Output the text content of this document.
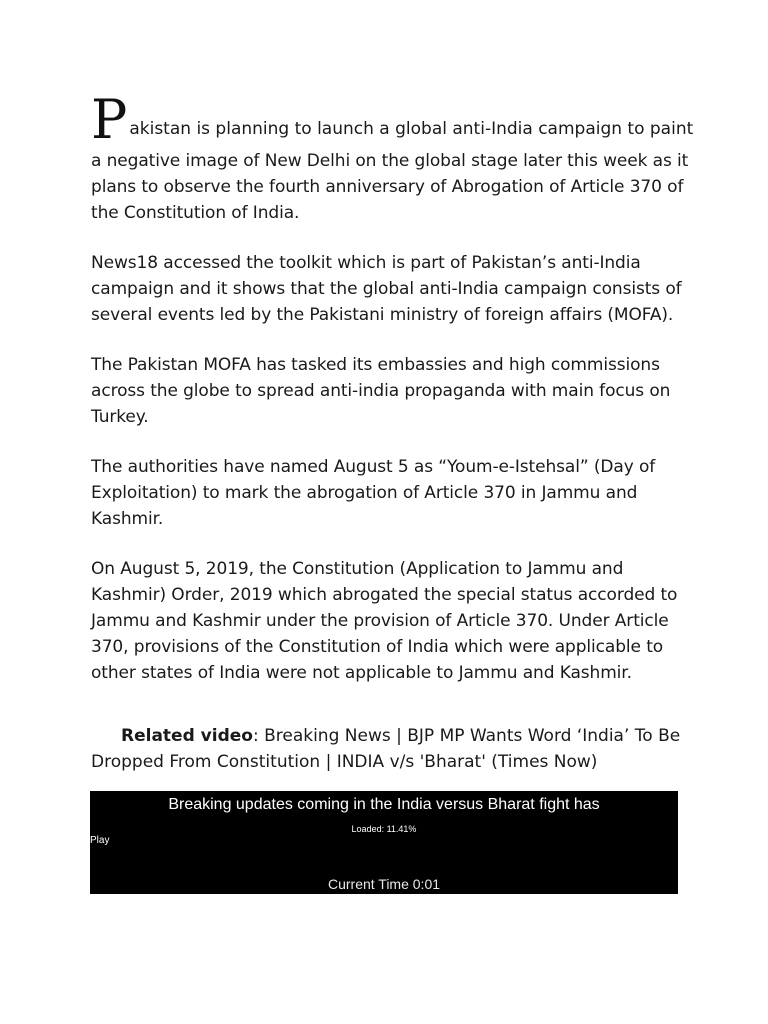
P akistan is planning to launch a global anti-India campaign to paint

a negative image of New Delhi on the global stage later this week as it plans to observe the fourth anniversary of Abrogation of Article 370 of the Constitution of India.

News18 accessed the toolkit which is part of Pakistan’s anti-India campaign and it shows that the global anti-India campaign consists of several events led by the Pakistani ministry of foreign affairs (MOFA).

The Pakistan MOFA has tasked its embassies and high commissions across the globe to spread anti-india propaganda with main focus on Turkey.

The authorities have named August 5 as “Youm-e-Istehsal” (Day of Exploitation) to mark the abrogation of Article 370 in Jammu and Kashmir.

On August 5, 2019, the Constitution (Application to Jammu and Kashmir) Order, 2019 which abrogated the special status accorded to Jammu and Kashmir under the provision of Article 370. Under Article 370, provisions of the Constitution of India which were applicable to other states of India were not applicable to Jammu and Kashmir.

Related video: Breaking News | BJP MP Wants Word ‘India’ To Be Dropped From Constitution | INDIA v/s 'Bharat' (Times Now)

Breaking updates coming in the India versus Bharat fight has
Loaded: 11.41%
Play
Current Time 0:01
